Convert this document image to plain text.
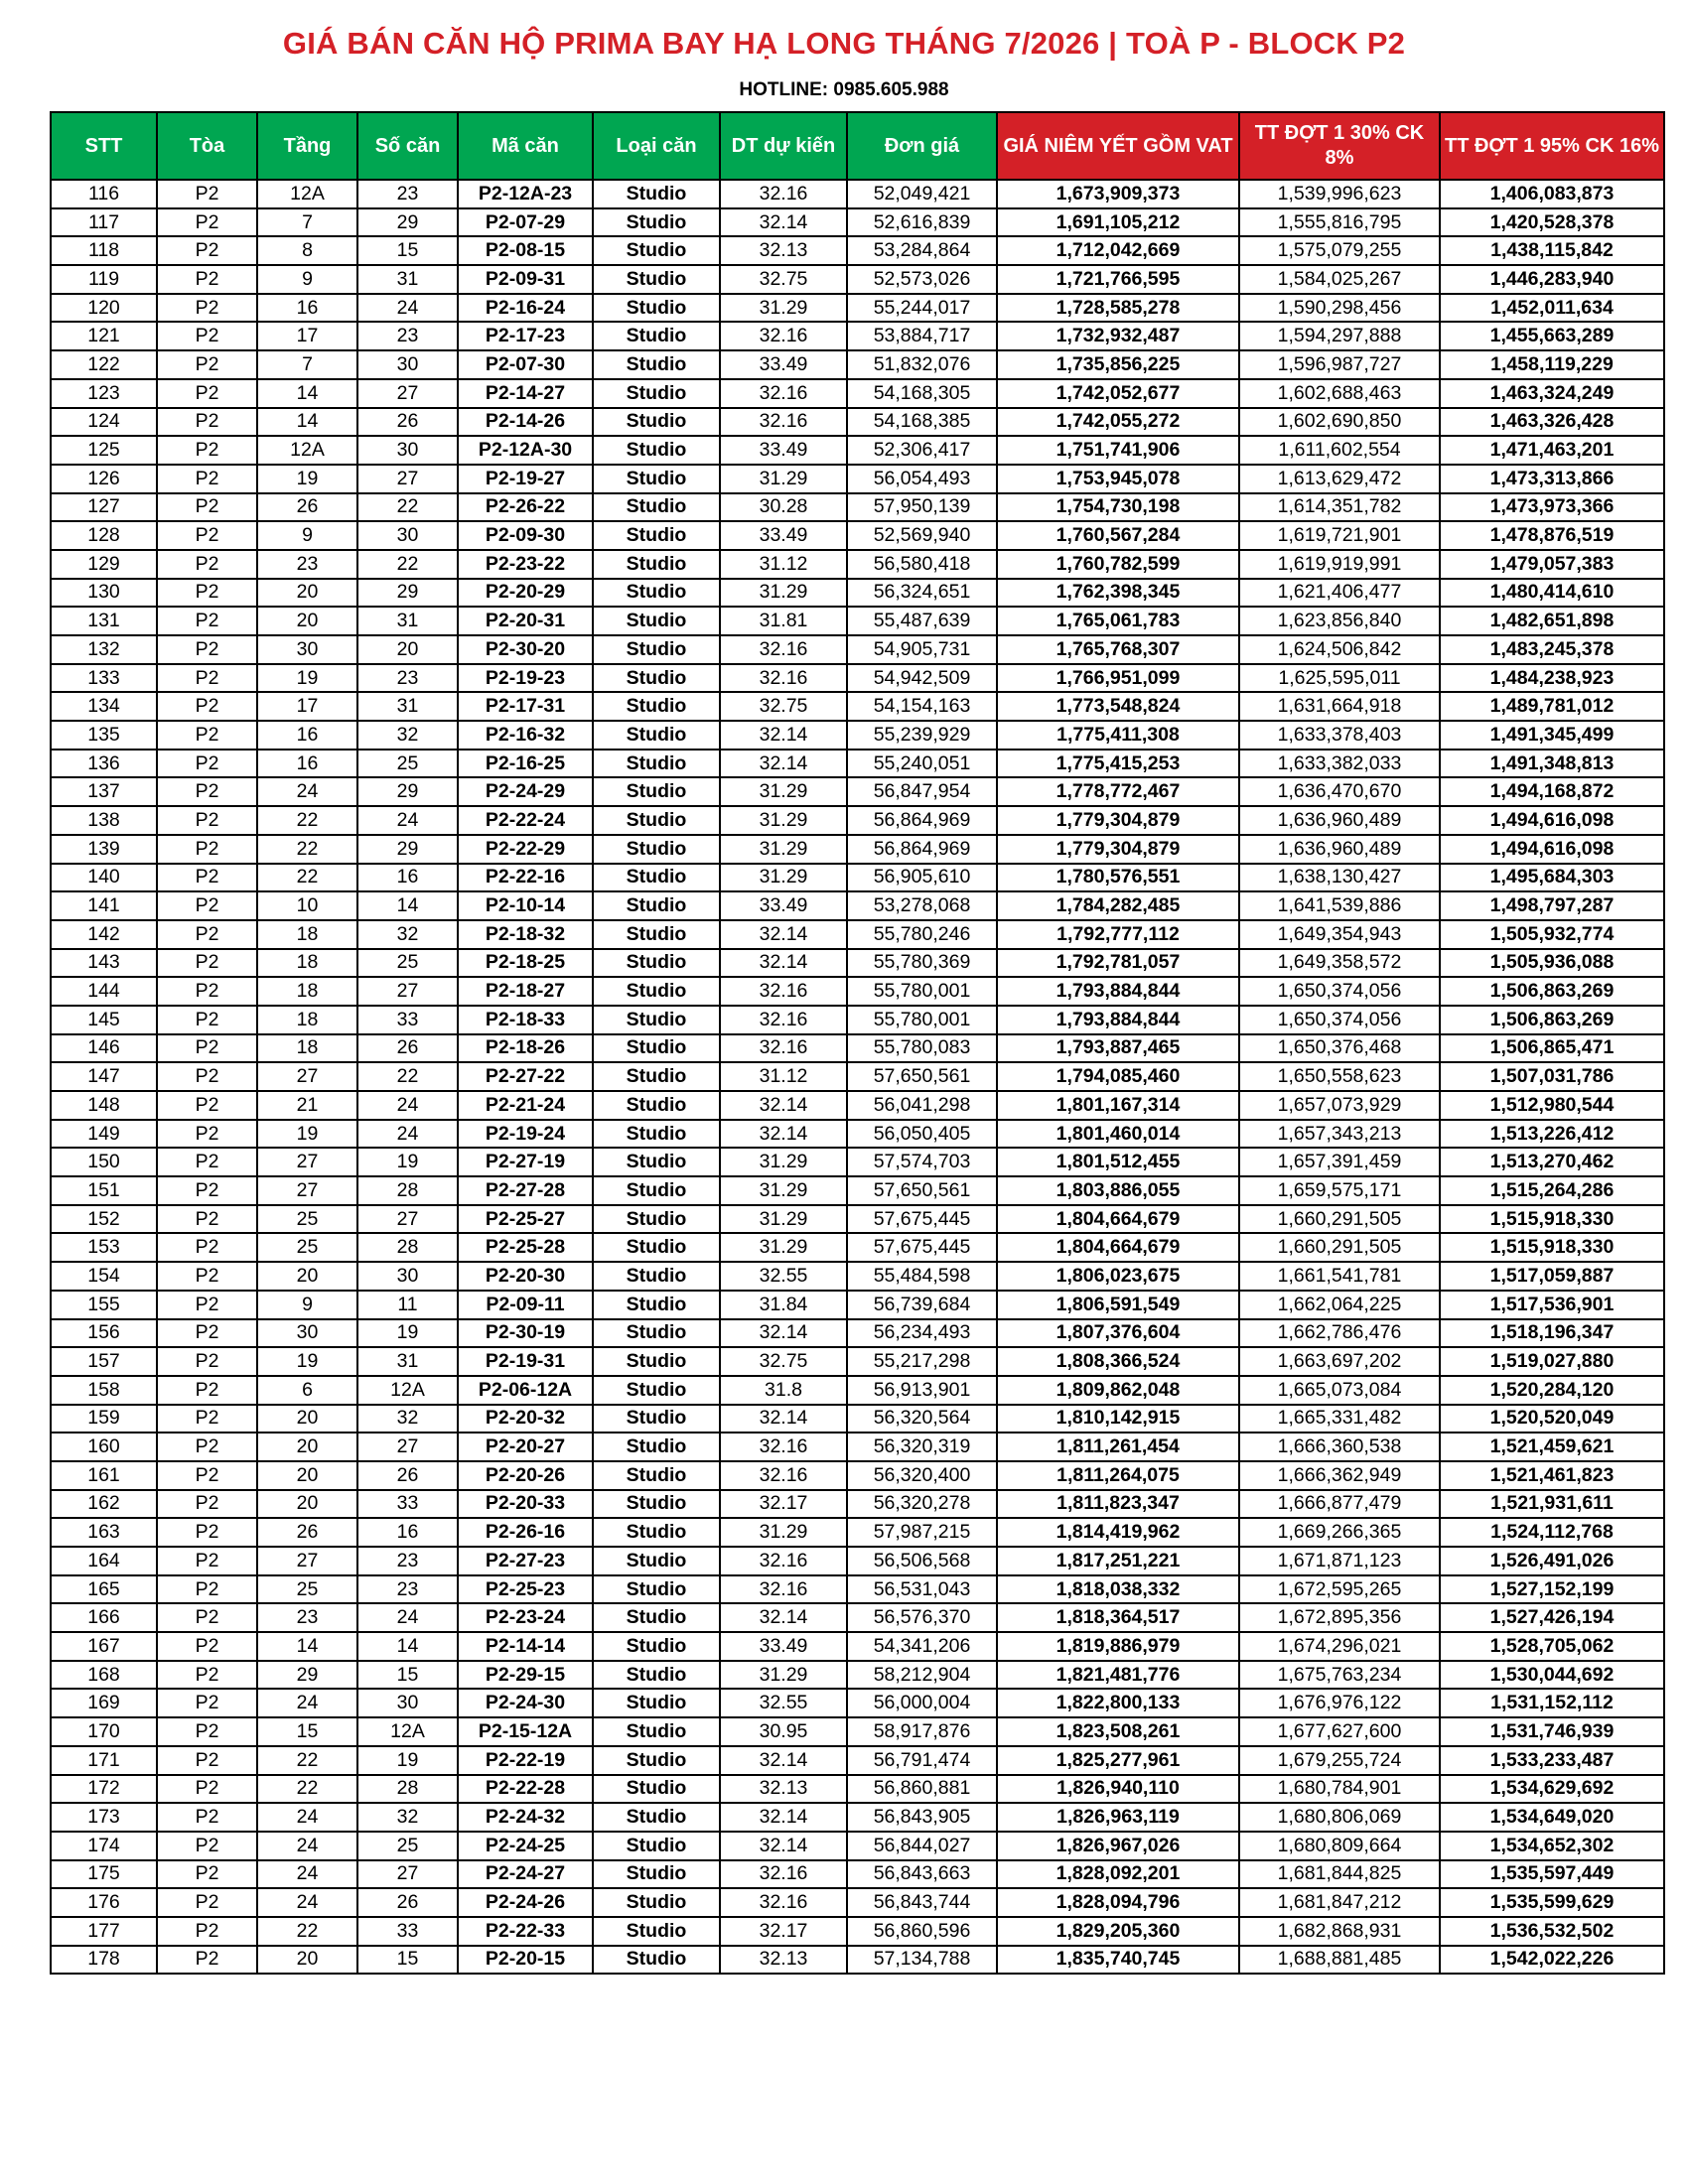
GIÁ BÁN CĂN HỘ PRIMA BAY HẠ LONG THÁNG 7/2026 | TOÀ P - BLOCK P2
HOTLINE: 0985.605.988
STT	Tòa	Tầng	Số căn	Mã căn	Loại căn	DT dự kiến	Đơn giá	GIÁ NIÊM YẾT GỒM VAT	TT ĐỢT 1 30% CK 8%	TT ĐỢT 1 95% CK 16%
116	P2	12A	23	P2-12A-23	Studio	32.16	52,049,421	1,673,909,373	1,539,996,623	1,406,083,873
117	P2	7	29	P2-07-29	Studio	32.14	52,616,839	1,691,105,212	1,555,816,795	1,420,528,378
118	P2	8	15	P2-08-15	Studio	32.13	53,284,864	1,712,042,669	1,575,079,255	1,438,115,842
119	P2	9	31	P2-09-31	Studio	32.75	52,573,026	1,721,766,595	1,584,025,267	1,446,283,940
120	P2	16	24	P2-16-24	Studio	31.29	55,244,017	1,728,585,278	1,590,298,456	1,452,011,634
121	P2	17	23	P2-17-23	Studio	32.16	53,884,717	1,732,932,487	1,594,297,888	1,455,663,289
122	P2	7	30	P2-07-30	Studio	33.49	51,832,076	1,735,856,225	1,596,987,727	1,458,119,229
123	P2	14	27	P2-14-27	Studio	32.16	54,168,305	1,742,052,677	1,602,688,463	1,463,324,249
124	P2	14	26	P2-14-26	Studio	32.16	54,168,385	1,742,055,272	1,602,690,850	1,463,326,428
125	P2	12A	30	P2-12A-30	Studio	33.49	52,306,417	1,751,741,906	1,611,602,554	1,471,463,201
126	P2	19	27	P2-19-27	Studio	31.29	56,054,493	1,753,945,078	1,613,629,472	1,473,313,866
127	P2	26	22	P2-26-22	Studio	30.28	57,950,139	1,754,730,198	1,614,351,782	1,473,973,366
128	P2	9	30	P2-09-30	Studio	33.49	52,569,940	1,760,567,284	1,619,721,901	1,478,876,519
129	P2	23	22	P2-23-22	Studio	31.12	56,580,418	1,760,782,599	1,619,919,991	1,479,057,383
130	P2	20	29	P2-20-29	Studio	31.29	56,324,651	1,762,398,345	1,621,406,477	1,480,414,610
131	P2	20	31	P2-20-31	Studio	31.81	55,487,639	1,765,061,783	1,623,856,840	1,482,651,898
132	P2	30	20	P2-30-20	Studio	32.16	54,905,731	1,765,768,307	1,624,506,842	1,483,245,378
133	P2	19	23	P2-19-23	Studio	32.16	54,942,509	1,766,951,099	1,625,595,011	1,484,238,923
134	P2	17	31	P2-17-31	Studio	32.75	54,154,163	1,773,548,824	1,631,664,918	1,489,781,012
135	P2	16	32	P2-16-32	Studio	32.14	55,239,929	1,775,411,308	1,633,378,403	1,491,345,499
136	P2	16	25	P2-16-25	Studio	32.14	55,240,051	1,775,415,253	1,633,382,033	1,491,348,813
137	P2	24	29	P2-24-29	Studio	31.29	56,847,954	1,778,772,467	1,636,470,670	1,494,168,872
138	P2	22	24	P2-22-24	Studio	31.29	56,864,969	1,779,304,879	1,636,960,489	1,494,616,098
139	P2	22	29	P2-22-29	Studio	31.29	56,864,969	1,779,304,879	1,636,960,489	1,494,616,098
140	P2	22	16	P2-22-16	Studio	31.29	56,905,610	1,780,576,551	1,638,130,427	1,495,684,303
141	P2	10	14	P2-10-14	Studio	33.49	53,278,068	1,784,282,485	1,641,539,886	1,498,797,287
142	P2	18	32	P2-18-32	Studio	32.14	55,780,246	1,792,777,112	1,649,354,943	1,505,932,774
143	P2	18	25	P2-18-25	Studio	32.14	55,780,369	1,792,781,057	1,649,358,572	1,505,936,088
144	P2	18	27	P2-18-27	Studio	32.16	55,780,001	1,793,884,844	1,650,374,056	1,506,863,269
145	P2	18	33	P2-18-33	Studio	32.16	55,780,001	1,793,884,844	1,650,374,056	1,506,863,269
146	P2	18	26	P2-18-26	Studio	32.16	55,780,083	1,793,887,465	1,650,376,468	1,506,865,471
147	P2	27	22	P2-27-22	Studio	31.12	57,650,561	1,794,085,460	1,650,558,623	1,507,031,786
148	P2	21	24	P2-21-24	Studio	32.14	56,041,298	1,801,167,314	1,657,073,929	1,512,980,544
149	P2	19	24	P2-19-24	Studio	32.14	56,050,405	1,801,460,014	1,657,343,213	1,513,226,412
150	P2	27	19	P2-27-19	Studio	31.29	57,574,703	1,801,512,455	1,657,391,459	1,513,270,462
151	P2	27	28	P2-27-28	Studio	31.29	57,650,561	1,803,886,055	1,659,575,171	1,515,264,286
152	P2	25	27	P2-25-27	Studio	31.29	57,675,445	1,804,664,679	1,660,291,505	1,515,918,330
153	P2	25	28	P2-25-28	Studio	31.29	57,675,445	1,804,664,679	1,660,291,505	1,515,918,330
154	P2	20	30	P2-20-30	Studio	32.55	55,484,598	1,806,023,675	1,661,541,781	1,517,059,887
155	P2	9	11	P2-09-11	Studio	31.84	56,739,684	1,806,591,549	1,662,064,225	1,517,536,901
156	P2	30	19	P2-30-19	Studio	32.14	56,234,493	1,807,376,604	1,662,786,476	1,518,196,347
157	P2	19	31	P2-19-31	Studio	32.75	55,217,298	1,808,366,524	1,663,697,202	1,519,027,880
158	P2	6	12A	P2-06-12A	Studio	31.8	56,913,901	1,809,862,048	1,665,073,084	1,520,284,120
159	P2	20	32	P2-20-32	Studio	32.14	56,320,564	1,810,142,915	1,665,331,482	1,520,520,049
160	P2	20	27	P2-20-27	Studio	32.16	56,320,319	1,811,261,454	1,666,360,538	1,521,459,621
161	P2	20	26	P2-20-26	Studio	32.16	56,320,400	1,811,264,075	1,666,362,949	1,521,461,823
162	P2	20	33	P2-20-33	Studio	32.17	56,320,278	1,811,823,347	1,666,877,479	1,521,931,611
163	P2	26	16	P2-26-16	Studio	31.29	57,987,215	1,814,419,962	1,669,266,365	1,524,112,768
164	P2	27	23	P2-27-23	Studio	32.16	56,506,568	1,817,251,221	1,671,871,123	1,526,491,026
165	P2	25	23	P2-25-23	Studio	32.16	56,531,043	1,818,038,332	1,672,595,265	1,527,152,199
166	P2	23	24	P2-23-24	Studio	32.14	56,576,370	1,818,364,517	1,672,895,356	1,527,426,194
167	P2	14	14	P2-14-14	Studio	33.49	54,341,206	1,819,886,979	1,674,296,021	1,528,705,062
168	P2	29	15	P2-29-15	Studio	31.29	58,212,904	1,821,481,776	1,675,763,234	1,530,044,692
169	P2	24	30	P2-24-30	Studio	32.55	56,000,004	1,822,800,133	1,676,976,122	1,531,152,112
170	P2	15	12A	P2-15-12A	Studio	30.95	58,917,876	1,823,508,261	1,677,627,600	1,531,746,939
171	P2	22	19	P2-22-19	Studio	32.14	56,791,474	1,825,277,961	1,679,255,724	1,533,233,487
172	P2	22	28	P2-22-28	Studio	32.13	56,860,881	1,826,940,110	1,680,784,901	1,534,629,692
173	P2	24	32	P2-24-32	Studio	32.14	56,843,905	1,826,963,119	1,680,806,069	1,534,649,020
174	P2	24	25	P2-24-25	Studio	32.14	56,844,027	1,826,967,026	1,680,809,664	1,534,652,302
175	P2	24	27	P2-24-27	Studio	32.16	56,843,663	1,828,092,201	1,681,844,825	1,535,597,449
176	P2	24	26	P2-24-26	Studio	32.16	56,843,744	1,828,094,796	1,681,847,212	1,535,599,629
177	P2	22	33	P2-22-33	Studio	32.17	56,860,596	1,829,205,360	1,682,868,931	1,536,532,502
178	P2	20	15	P2-20-15	Studio	32.13	57,134,788	1,835,740,745	1,688,881,485	1,542,022,226
